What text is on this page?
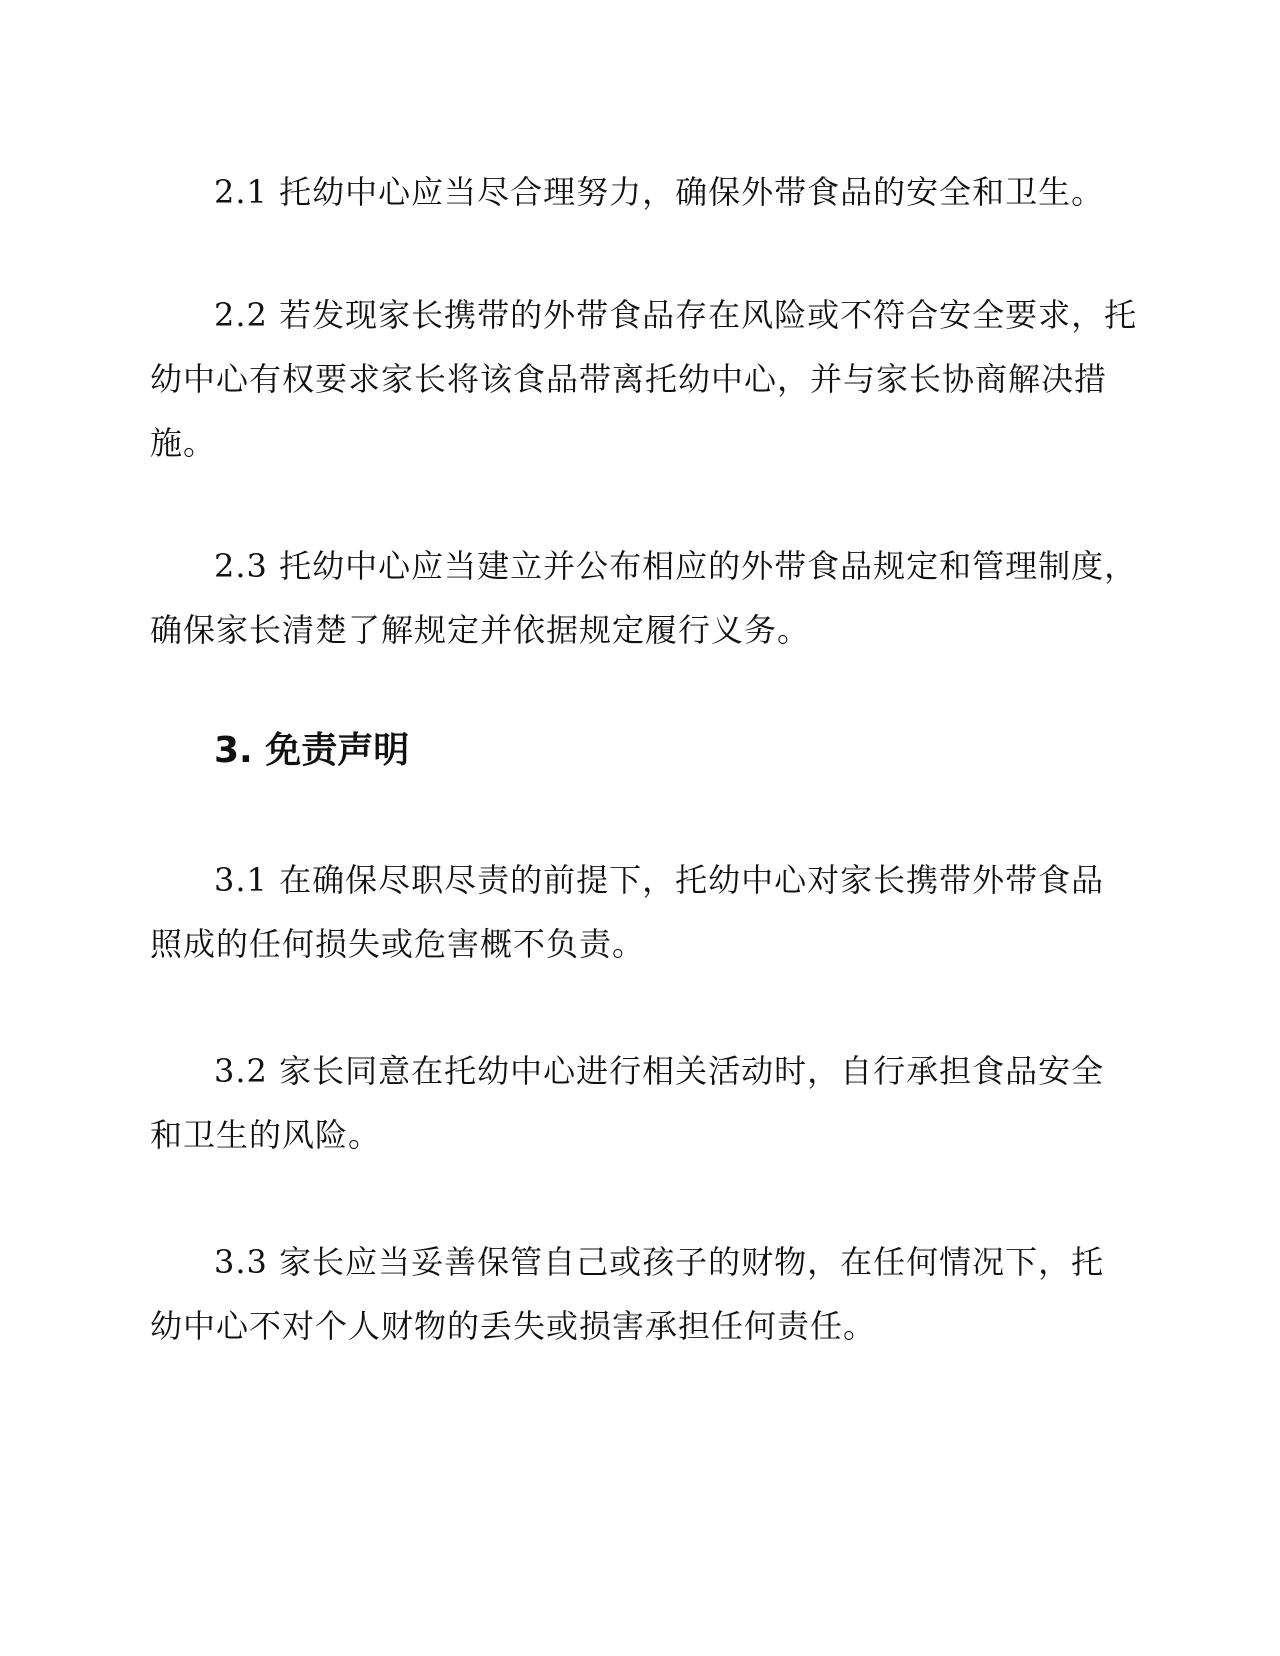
2.1 托幼中心应当尽合理努力，确保外带食品的安全和卫生。

2.2 若发现家长携带的外带食品存在风险或不符合安全要求，托幼中心有权要求家长将该食品带离托幼中心，并与家长协商解决措施。

2.3 托幼中心应当建立并公布相应的外带食品规定和管理制度，确保家长清楚了解规定并依据规定履行义务。

3. 免责声明

3.1 在确保尽职尽责的前提下，托幼中心对家长携带外带食品照成的任何损失或危害概不负责。

3.2 家长同意在托幼中心进行相关活动时，自行承担食品安全和卫生的风险。

3.3 家长应当妥善保管自己或孩子的财物，在任何情况下，托幼中心不对个人财物的丢失或损害承担任何责任。
